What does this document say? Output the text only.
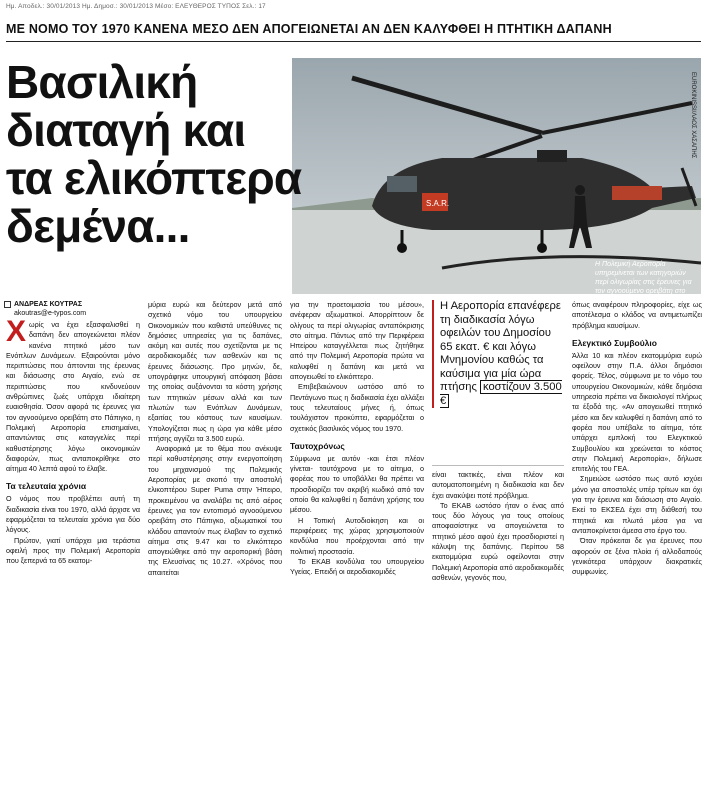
Ημ. Αποδελ.: 30/01/2013 Ημ. Δημοσ.: 30/01/2013 Μέσο: ΕΛΕΥΘΕΡΟΣ ΤΥΠΟΣ Σελ.: 17
ΜΕ ΝΟΜΟ ΤΟΥ 1970 ΚΑΝΕΝΑ ΜΕΣΟ ΔΕΝ ΑΠΟΓΕΙΩΝΕΤΑΙ ΑΝ ΔΕΝ ΚΑΛΥΦΘΕΙ Η ΠΤΗΤΙΚΗ ΔΑΠΑΝΗ
Βασιλική
διαταγή και
τα ελικόπτερα
δεμένα...	S.A.R.
EUROKINISSI/ΛΑΟΣ ΧΑΣΑΠΗΣ
Η Πολεμική Αεροπορία υπηρεμίνεται των κατηγοριών περί ολιγωρίας στις έρευνες για τον αγνοούμενο ορειβάτη στο
ΑΝΔΡΕΑΣ ΚΟΥΤΡΑΣ
akoutras@e-typos.com

Χωρίς να έχει εξασφαλισθεί η δαπάνη δεν απογειώνεται πλέον κανένα πτητικό μέσο των Ενόπλων Δυνάμεων. Εξαιρούνται μόνο περιπτώσεις που άπτονται της έρευνας και διάσωσης στο Αιγαίο, ενώ σε περιπτώσεις που κινδυνεύουν ανθρώπινες ζωές υπάρχει ιδιαίτερη ευαισθησία. Όσον αφορά τις έρευνες για τον αγνοούμενο ορειβάτη στο Πάπιγκο, η Πολεμική Αεροπορία επισημαίνει, απαντώντας στις καταγγελίες περί καθυστέρησης λόγω οικονομικών διαφορών, πως ανταποκρίθηκε στο αίτημα 40 λεπτά αφού το έλαβε.

Τα τελευταία χρόνια

Ο νόμος που προβλέπει αυτή τη διαδικασία είναι του 1970, αλλά άρχισε να εφαρμόζεται τα τελευταία χρόνια για δύο λόγους.

Πρώτον, γιατί υπάρχει μια τεράστια οφειλή προς την Πολεμική Αεροπορία που ξεπερνά τα 65 εκατομ-

μύρια ευρώ και δεύτερον μετά από σχετικό νόμο του υπουργείου Οικονομικών που καθιστά υπεύθυνες τις δημόσιες υπηρεσίες για τις δαπάνες, ακόμη και αυτές που σχετίζονται με τις αεροδιακομιδές των ασθενών και τις έρευνες διάσωσης. Προ μηνών, δε, υπογράφηκε υπουργική απόφαση βάσει της οποίας αυξάνονται τα κόστη χρήσης των πτητικών μέσων αλλά και των πλωτών των Ενόπλων Δυνάμεων, εξαιτίας του κόστους των καυσίμων. Υπολογίζεται πως η ώρα για κάθε μέσο πτήσης αγγίζει τα 3.500 ευρώ.

Αναφορικά με το θέμα που ανέκυψε περί καθυστέρησης στην ενεργοποίηση του μηχανισμού της Πολεμικής Αεροπορίας με σκοπό την αποστολή ελικοπτέρου Super Puma στην Ήπειρο, προκειμένου να αναλάβει τις από αέρος έρευνες για τον εντοπισμό αγνοούμενου ορειβάτη στο Πάπιγκο, αξιωματικοί του κλάδου απαντούν πως έλαβαν το σχετικό αίτημα στις 9.47 και το ελικόπτερο απογειώθηκε από την αεροπορική βάση της Ελευσίνας τις 10.27. «Χρόνος που απαιτείται

για την προετοιμασία του μέσου», ανέφεραν αξιωματικοί. Απορρίπτουν δε ολίγους τα περί ολιγωρίας ανταπόκρισης στο αίτημα. Πάντως από την Περιφέρεια Ηπείρου καταγγέλλεται πως ζητήθηκε από την Πολεμική Αεροπορία πρώτα να καλυφθεί η δαπάνη και μετά να απογειωθεί το ελικόπτερο.

Επιβεβαιώνουν ωστόσο από το Πεντάγωνο πως η διαδικασία έχει αλλάξει τους τελευταίους μήνες ή, όπως τουλάχιστον προκύπτει, εφαρμόζεται ο σχετικός βασιλικός νόμος του 1970.

Ταυτοχρόνως

Σύμφωνα με αυτόν -και έτσι πλέον γίνεται- ταυτόχρονα με το αίτημα, ο φορέας που το υποβάλλει θα πρέπει να προσδιορίζει τον ακριβή κωδικό από τον οποίο θα καλυφθεί η δαπάνη χρήσης του μέσου.

Η Τοπική Αυτοδιοίκηση και οι περιφέρειες της χώρας χρησιμοποιούν κονδύλια που προέρχονται από την πολιτική προστασία.

Το ΕΚΑΒ κονδύλια του υπουργείου Υγείας. Επειδή οι αεροδιακομιδές

Η Αεροπορία επανέφερε τη διαδικασία λόγω οφειλών του Δημοσίου 65 εκατ. € και λόγω Μνημονίου καθώς τα καύσιμα για μία ώρα πτήσης κοστίζουν 3.500 €

είναι τακτικές, είναι πλέον και αυτοματοποιημένη η διαδικασία και δεν έχει ανακύψει ποτέ πρόβλημα.

Το ΕΚΑΒ ωστόσο ήταν ο ένας από τους δύο λόγους για τους οποίους αποφασίστηκε να απογειώνεται το πτητικό μέσο αφού έχει προσδιοριστεί η κάλυψη της δαπάνης. Περίπου 58 εκατομμύρια ευρώ οφείλονται στην Πολεμική Αεροπορία από αεροδιακομιδές ασθενών, γεγονός που,

όπως αναφέρουν πληροφορίες, είχε ως αποτέλεσμα ο κλάδος να αντιμετωπίζει πρόβλημα καυσίμων.

Ελεγκτικό Συμβούλιο

Άλλα 10 και πλέον εκατομμύρια ευρώ οφείλουν στην Π.Α. άλλοι δημόσιοι φορείς. Τέλος, σύμφωνα με το νόμο του υπουργείου Οικονομικών, κάθε δημόσια υπηρεσία πρέπει να δικαιολογεί πλήρως τα έξοδά της. «Αν απογειωθεί πτητικό μέσο και δεν καλυφθεί η δαπάνη από το φορέα που υπέβαλε το αίτημα, τότε υπάρχει εμπλοκή του Ελεγκτικού Συμβουλίου και χρεώνεται το κόστος στην Πολεμική Αεροπορία», δήλωσε επιτελής του ΓΕΑ.

Σημειώσε ωστόσο πως αυτό ισχύει μόνο για αποστολές υπέρ τρίτων και όχι για την έρευνα και διάσωση στο Αιγαίο. Εκεί το ΕΚΣΕΔ έχει στη διάθεσή του πτητικά και πλωτά μέσα για να ανταποκρίνεται άμεσα στο έργο του.

Όταν πρόκειται δε για έρευνες που αφορούν σε ξένα πλοία ή αλλοδαπούς γενικότερα υπάρχουν διακρατικές συμφωνίες.
